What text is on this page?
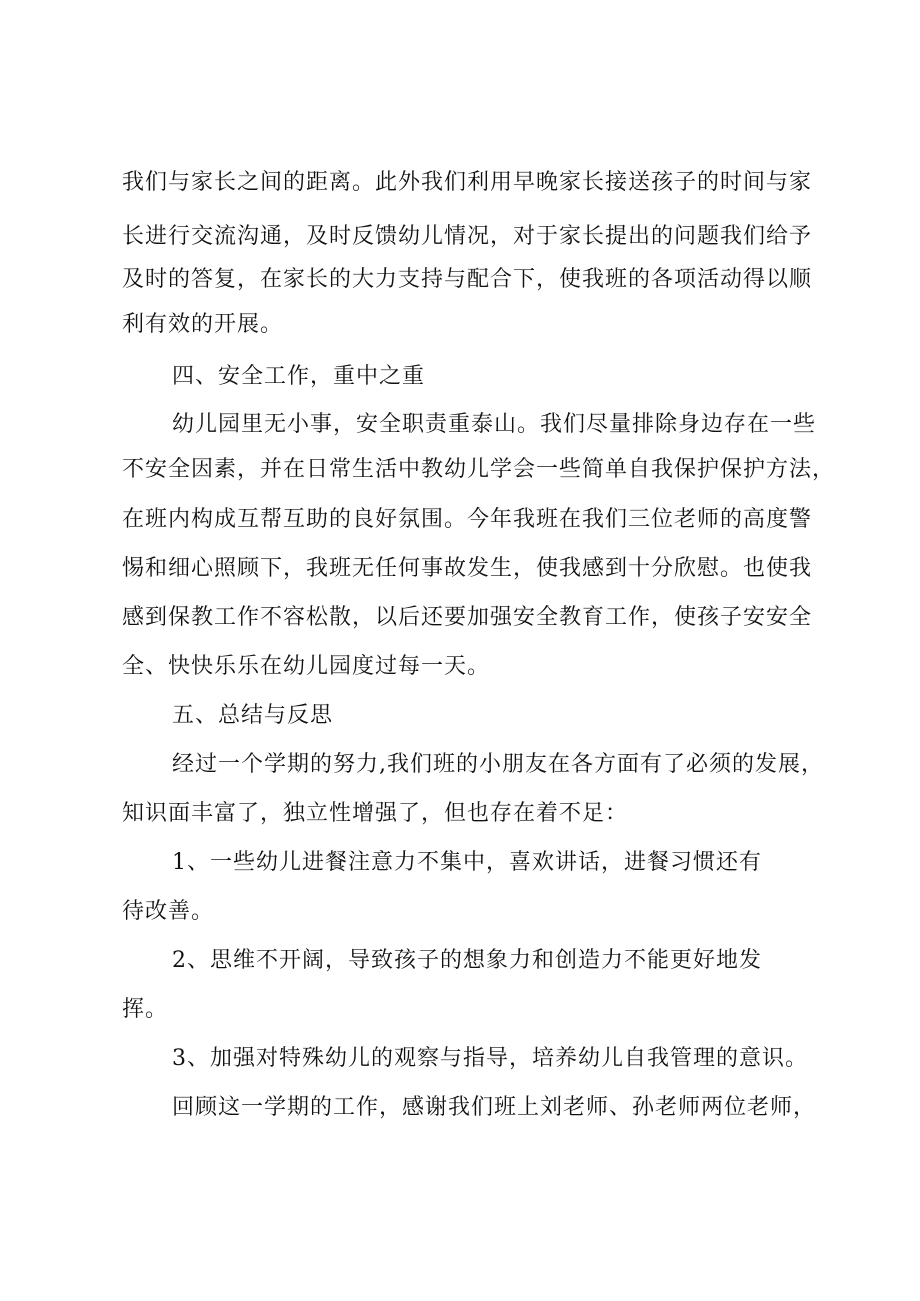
我们与家长之间的距离。此外我们利用早晚家长接送孩子的时间与家
长进行交流沟通，及时反馈幼儿情况，对于家长提出的问题我们给予
及时的答复，在家长的大力支持与配合下，使我班的各项活动得以顺
利有效的开展。
四、安全工作，重中之重
幼儿园里无小事，安全职责重泰山。我们尽量排除身边存在一些
不安全因素，并在日常生活中教幼儿学会一些简单自我保护保护方法，
在班内构成互帮互助的良好氛围。今年我班在我们三位老师的高度警
惕和细心照顾下，我班无任何事故发生，使我感到十分欣慰。也使我
感到保教工作不容松散，以后还要加强安全教育工作，使孩子安安全
全、快快乐乐在幼儿园度过每一天。
五、总结与反思
经过一个学期的努力,我们班的小朋友在各方面有了必须的发展，
知识面丰富了，独立性增强了，但也存在着不足：
1、一些幼儿进餐注意力不集中，喜欢讲话，进餐习惯还有
待改善。
2、思维不开阔，导致孩子的想象力和创造力不能更好地发
挥。
3、加强对特殊幼儿的观察与指导，培养幼儿自我管理的意识。
回顾这一学期的工作，感谢我们班上刘老师、孙老师两位老师，
